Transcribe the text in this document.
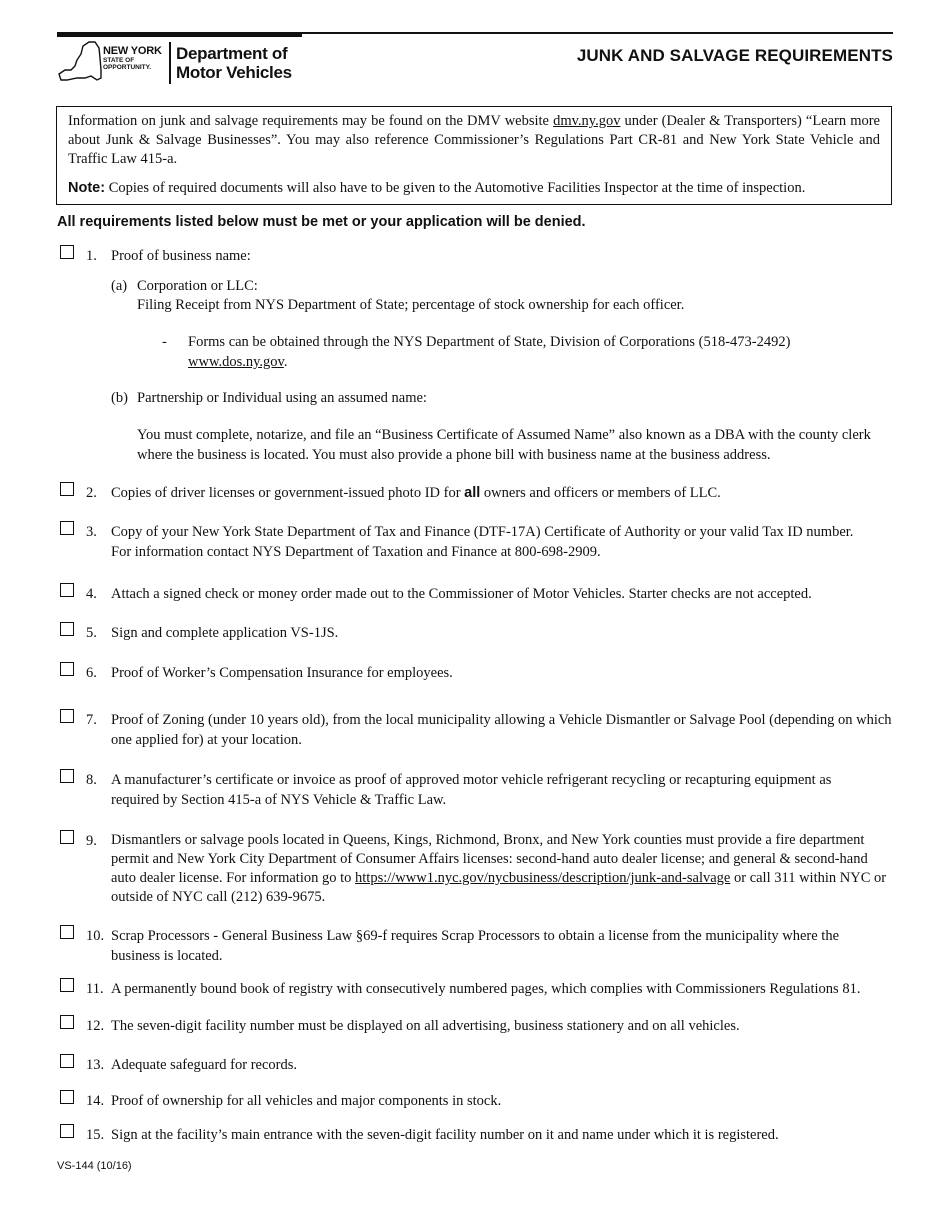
NEW YORK
STATE OF
OPPORTUNITY.
Department of
Motor Vehicles
JUNK AND SALVAGE REQUIREMENTS

Information on junk and salvage requirements may be found on the DMV website dmv.ny.gov under (Dealer & Transporters) “Learn more about Junk & Salvage Businesses”. You may also reference Commissioner’s Regulations Part CR-81 and New York State Vehicle and Traffic Law 415-a.

Note: Copies of required documents will also have to be given to the Automotive Facilities Inspector at the time of inspection.

All requirements listed below must be met or your application will be denied.
1. Proof of business name:
(a) Corporation or LLC:
Filing Receipt from NYS Department of State; percentage of stock ownership for each officer.
- Forms can be obtained through the NYS Department of State, Division of Corporations (518-473-2492)
www.dos.ny.gov.
(b) Partnership or Individual using an assumed name:
You must complete, notarize, and file an “Business Certificate of Assumed Name” also known as a DBA with the county clerk where the business is located. You must also provide a phone bill with business name at the business address.
2. Copies of driver licenses or government-issued photo ID for all owners and officers or members of LLC.
3. Copy of your New York State Department of Tax and Finance (DTF-17A) Certificate of Authority or your valid Tax ID number. For information contact NYS Department of Taxation and Finance at 800-698-2909.
4. Attach a signed check or money order made out to the Commissioner of Motor Vehicles. Starter checks are not accepted.
5. Sign and complete application VS-1JS.
6. Proof of Worker’s Compensation Insurance for employees.
7. Proof of Zoning (under 10 years old), from the local municipality allowing a Vehicle Dismantler or Salvage Pool (depending on which one applied for) at your location.
8. A manufacturer’s certificate or invoice as proof of approved motor vehicle refrigerant recycling or recapturing equipment as required by Section 415-a of NYS Vehicle & Traffic Law.
9. Dismantlers or salvage pools located in Queens, Kings, Richmond, Bronx, and New York counties must provide a fire department permit and New York City Department of Consumer Affairs licenses: second-hand auto dealer license; and general & second-hand auto dealer license. For information go to https://www1.nyc.gov/nycbusiness/description/junk-and-salvage or call 311 within NYC or outside of NYC call (212) 639-9675.
10. Scrap Processors - General Business Law §69-f requires Scrap Processors to obtain a license from the municipality where the business is located.
11. A permanently bound book of registry with consecutively numbered pages, which complies with Commissioners Regulations 81.
12. The seven-digit facility number must be displayed on all advertising, business stationery and on all vehicles.
13. Adequate safeguard for records.
14. Proof of ownership for all vehicles and major components in stock.
15. Sign at the facility’s main entrance with the seven-digit facility number on it and name under which it is registered.
VS-144 (10/16)
